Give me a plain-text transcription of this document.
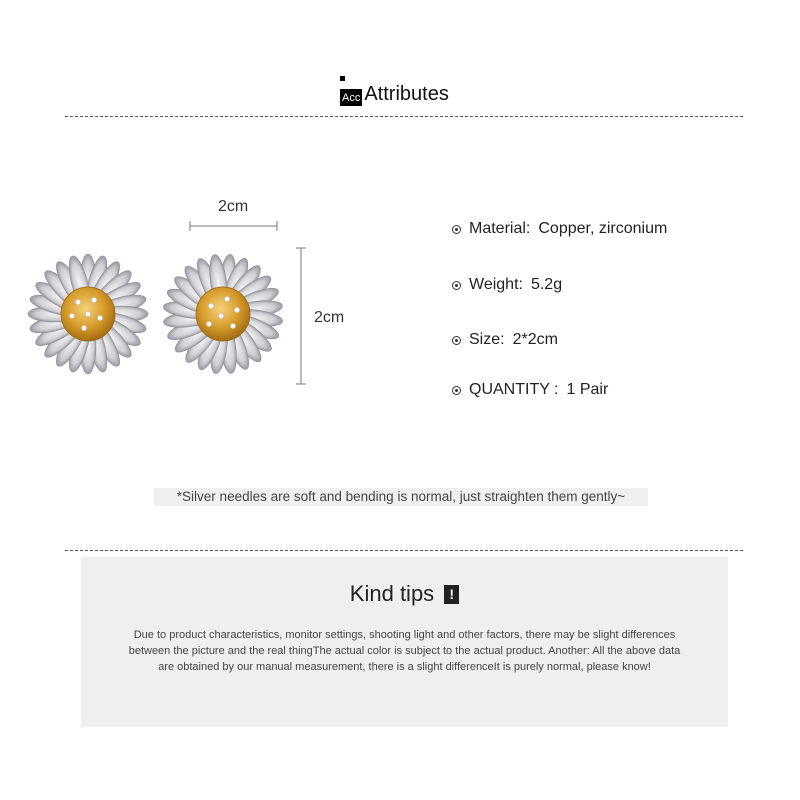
Acc Attributes
2cm
2cm
Material: Copper, zirconium
Weight: 5.2g
Size: 2*2cm
QUANTITY : 1 Pair
*Silver needles are soft and bending is normal, just straighten them gently~
Kind tips	!
Due to product characteristics, monitor settings, shooting light and other factors, there may be slight differences between the picture and the real thingThe actual color is subject to the actual product. Another: All the above data are obtained by our manual measurement, there is a slight differenceIt is purely normal, please know!
